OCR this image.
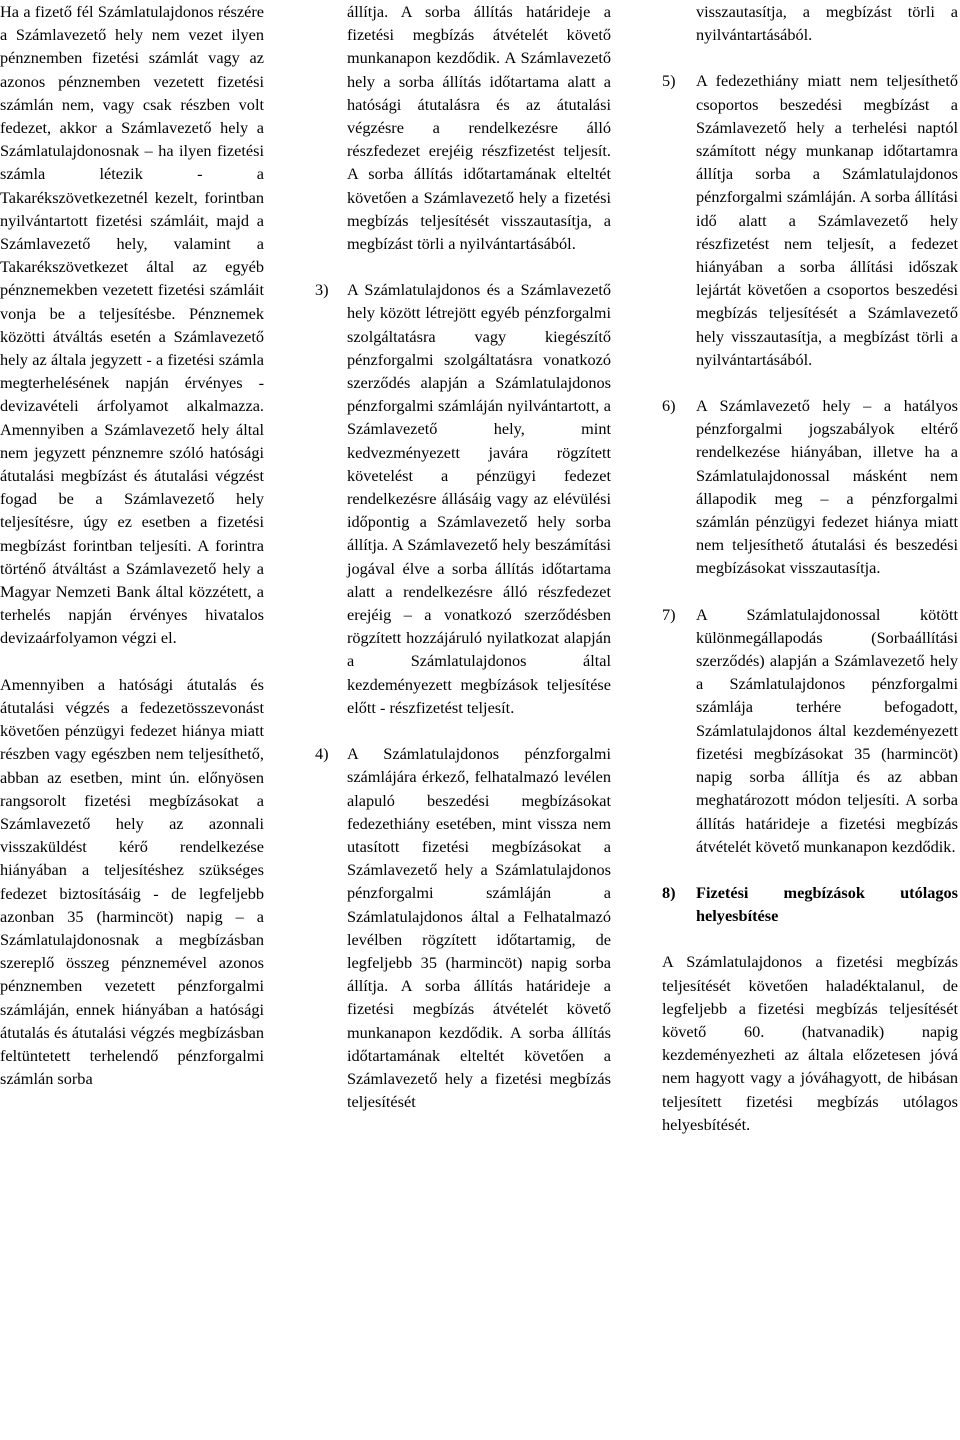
Ha a fizető fél Számlatulajdonos részére a Számlavezető hely nem vezet ilyen pénznemben fizetési számlát vagy az azonos pénznemben vezetett fizetési számlán nem, vagy csak részben volt fedezet, akkor a Számlavezető hely a Számlatulajdonosnak – ha ilyen fizetési számla létezik - a Takarékszövetkezetnél kezelt, forintban nyilvántartott fizetési számláit, majd a Számlavezető hely, valamint a Takarékszövetkezet által az egyéb pénznemekben vezetett fizetési számláit vonja be a teljesítésbe. Pénznemek közötti átváltás esetén a Számlavezető hely az általa jegyzett - a fizetési számla megterhelésének napján érvényes - devizavételi árfolyamot alkalmazza. Amennyiben a Számlavezető hely által nem jegyzett pénznemre szóló hatósági átutalási megbízást és átutalási végzést fogad be a Számlavezető hely teljesítésre, úgy ez esetben a fizetési megbízást forintban teljesíti. A forintra történő átváltást a Számlavezető hely a Magyar Nemzeti Bank által közzétett, a terhelés napján érvényes hivatalos devizaárfolyamon végzi el.

Amennyiben a hatósági átutalás és átutalási végzés a fedezetösszevonást követően pénzügyi fedezet hiánya miatt részben vagy egészben nem teljesíthető, abban az esetben, mint ún. előnyösen rangsorolt fizetési megbízásokat a Számlavezető hely az azonnali visszaküldést kérő rendelkezése hiányában a teljesítéshez szükséges fedezet biztosításáig - de legfeljebb azonban 35 (harmincöt) napig – a Számlatulajdonosnak a megbízásban szereplő összeg pénznemével azonos pénznemben vezetett pénzforgalmi számláján, ennek hiányában a hatósági átutalás és átutalási végzés megbízásban feltüntetett terhelendő pénzforgalmi számlán sorba

állítja. A sorba állítás határideje a fizetési megbízás átvételét követő munkanapon kezdődik. A Számlavezető hely a sorba állítás időtartama alatt a hatósági átutalásra és az átutalási végzésre a rendelkezésre álló részfedezet erejéig részfizetést teljesít. A sorba állítás időtartamának elteltét követően a Számlavezető hely a fizetési megbízás teljesítését visszautasítja, a megbízást törli a nyilvántartásából.

3) A Számlatulajdonos és a Számlavezető hely között létrejött egyéb pénzforgalmi szolgáltatásra vagy kiegészítő pénzforgalmi szolgáltatásra vonatkozó szerződés alapján a Számlatulajdonos pénzforgalmi számláján nyilvántartott, a Számlavezető hely, mint kedvezményezett javára rögzített követelést a pénzügyi fedezet rendelkezésre állásáig vagy az elévülési időpontig a Számlavezető hely sorba állítja. A Számlavezető hely beszámítási jogával élve a sorba állítás időtartama alatt a rendelkezésre álló részfedezet erejéig – a vonatkozó szerződésben rögzített hozzájáruló nyilatkozat alapján a Számlatulajdonos által kezdeményezett megbízások teljesítése előtt - részfizetést teljesít.

4) A Számlatulajdonos pénzforgalmi számlájára érkező, felhatalmazó levélen alapuló beszedési megbízásokat fedezethiány esetében, mint vissza nem utasított fizetési megbízásokat a Számlavezető hely a Számlatulajdonos pénzforgalmi számláján a Számlatulajdonos által a Felhatalmazó levélben rögzített időtartamig, de legfeljebb 35 (harmincöt) napig sorba állítja. A sorba állítás határideje a fizetési megbízás átvételét követő munkanapon kezdődik. A sorba állítás időtartamának elteltét követően a Számlavezető hely a fizetési megbízás teljesítését

visszautasítja, a megbízást törli a nyilvántartásából.

5) A fedezethiány miatt nem teljesíthető csoportos beszedési megbízást a Számlavezető hely a terhelési naptól számított négy munkanap időtartamra állítja sorba a Számlatulajdonos pénzforgalmi számláján. A sorba állítási idő alatt a Számlavezető hely részfizetést nem teljesít, a fedezet hiányában a sorba állítási időszak lejártát követően a csoportos beszedési megbízás teljesítését a Számlavezető hely visszautasítja, a megbízást törli a nyilvántartásából.

6) A Számlavezető hely – a hatályos pénzforgalmi jogszabályok eltérő rendelkezése hiányában, illetve ha a Számlatulajdonossal másként nem állapodik meg – a pénzforgalmi számlán pénzügyi fedezet hiánya miatt nem teljesíthető átutalási és beszedési megbízásokat visszautasítja.

7) A Számlatulajdonossal kötött különmegállapodás (Sorbaállítási szerződés) alapján a Számlavezető hely a Számlatulajdonos pénzforgalmi számlája terhére befogadott, Számlatulajdonos által kezdeményezett fizetési megbízásokat 35 (harmincöt) napig sorba állítja és az abban meghatározott módon teljesíti. A sorba állítás határideje a fizetési megbízás átvételét követő munkanapon kezdődik.

8) Fizetési megbízások utólagos helyesbítése

A Számlatulajdonos a fizetési megbízás teljesítését követően haladéktalanul, de legfeljebb a fizetési megbízás teljesítését követő 60. (hatvanadik) napig kezdeményezheti az általa előzetesen jóvá nem hagyott vagy a jóváhagyott, de hibásan teljesített fizetési megbízás utólagos helyesbítését.
